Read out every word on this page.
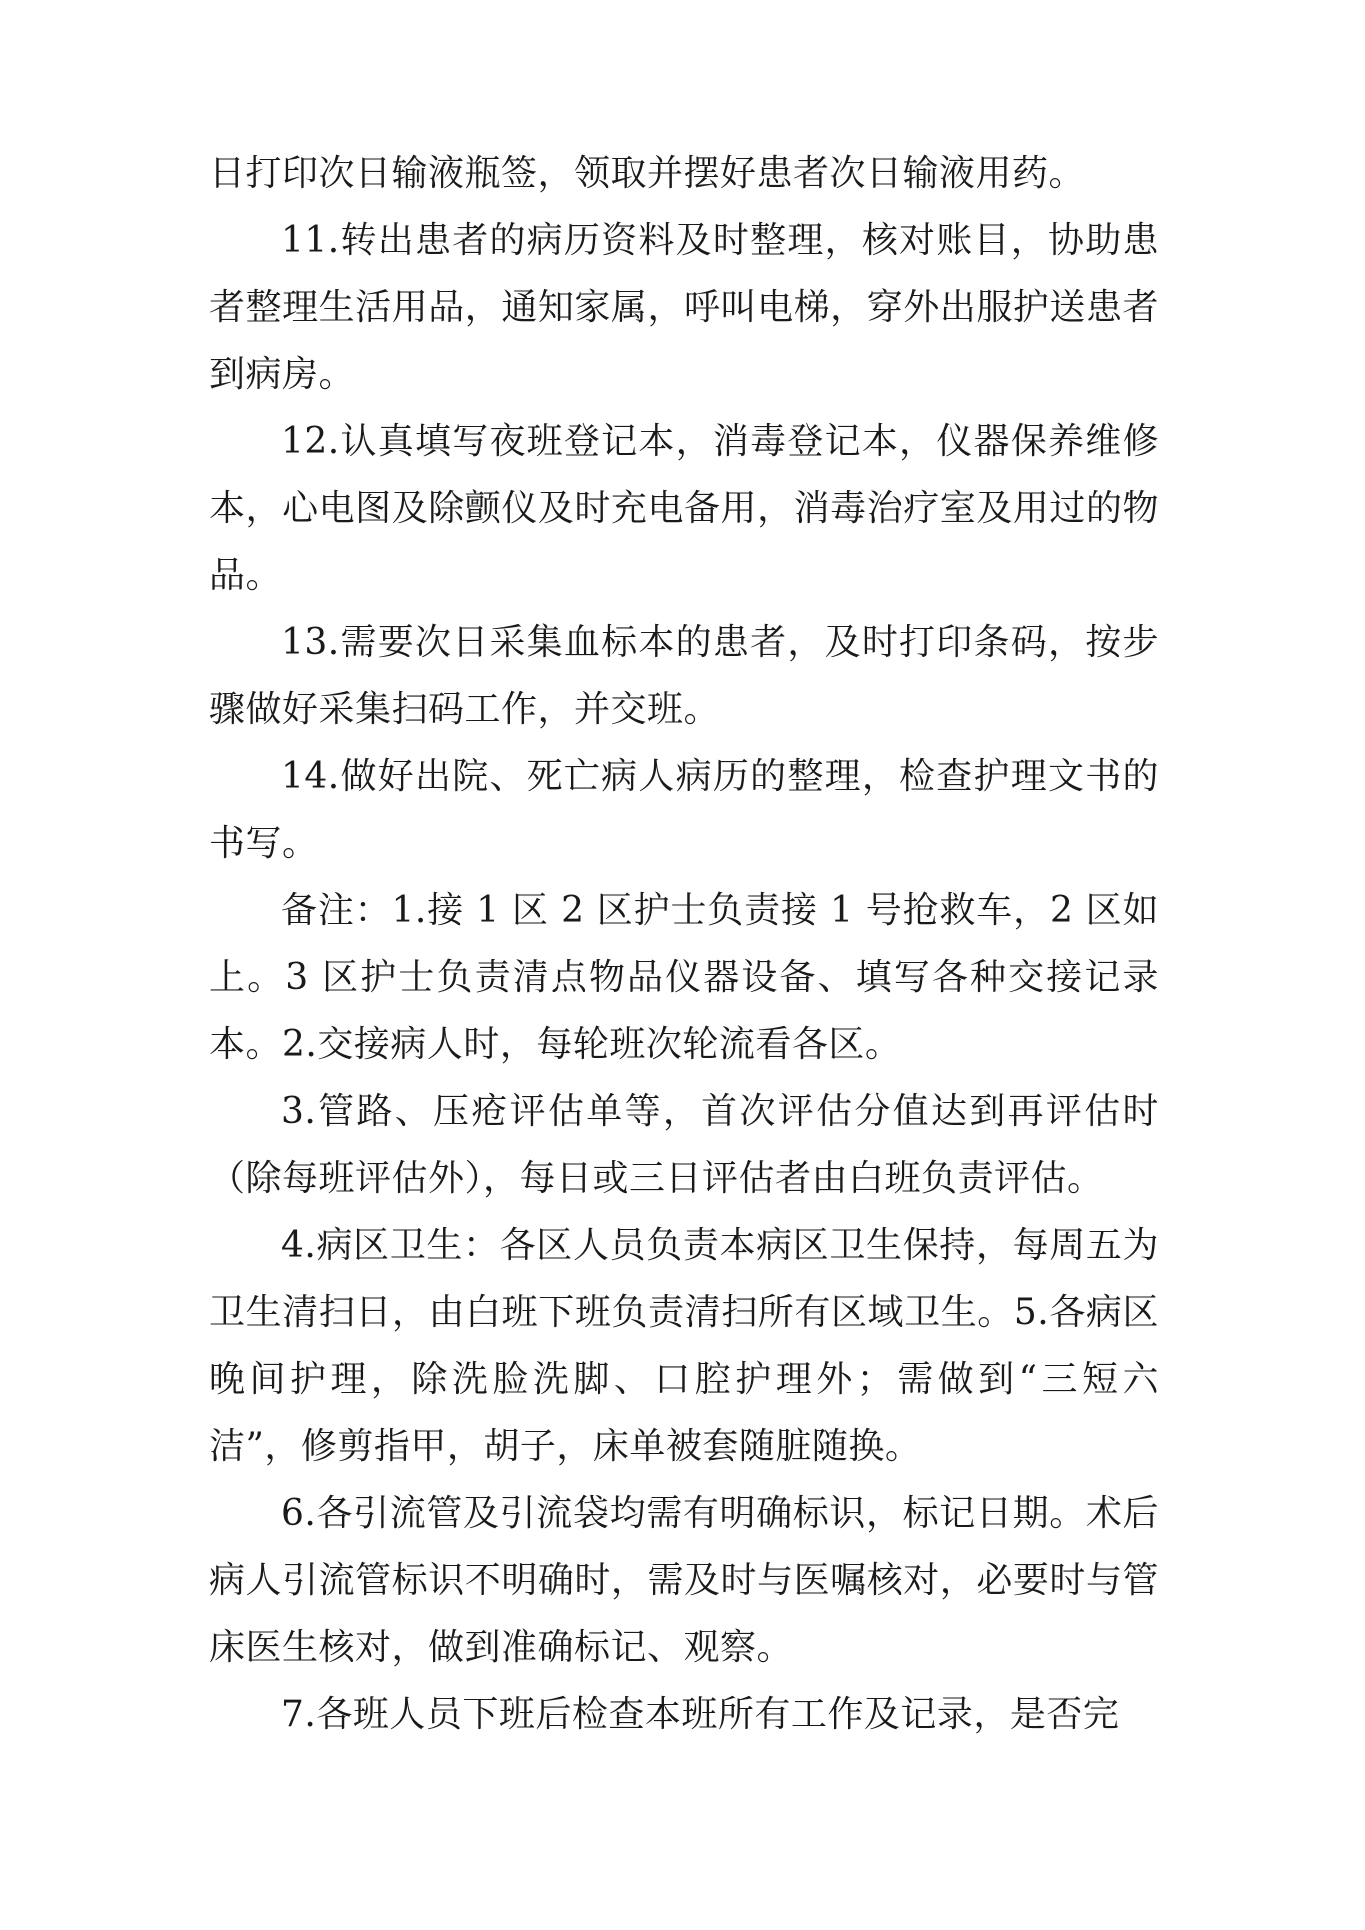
日打印次日输液瓶签，领取并摆好患者次日输液用药。

11.转出患者的病历资料及时整理，核对账目，协助患者整理生活用品，通知家属，呼叫电梯，穿外出服护送患者到病房。

12.认真填写夜班登记本，消毒登记本，仪器保养维修本，心电图及除颤仪及时充电备用，消毒治疗室及用过的物品。

13.需要次日采集血标本的患者，及时打印条码，按步骤做好采集扫码工作，并交班。

14.做好出院、死亡病人病历的整理，检查护理文书的书写。

备注：1.接 1 区 2 区护士负责接 1 号抢救车，2 区如上。3 区护士负责清点物品仪器设备、填写各种交接记录本。2.交接病人时，每轮班次轮流看各区。

3.管路、压疮评估单等，首次评估分值达到再评估时（除每班评估外），每日或三日评估者由白班负责评估。

4.病区卫生：各区人员负责本病区卫生保持，每周五为卫生清扫日，由白班下班负责清扫所有区域卫生。5.各病区晚间护理，除洗脸洗脚、口腔护理外；需做到“三短六洁”，修剪指甲，胡子，床单被套随脏随换。

6.各引流管及引流袋均需有明确标识，标记日期。术后病人引流管标识不明确时，需及时与医嘱核对，必要时与管床医生核对，做到准确标记、观察。

7.各班人员下班后检查本班所有工作及记录，是否完
